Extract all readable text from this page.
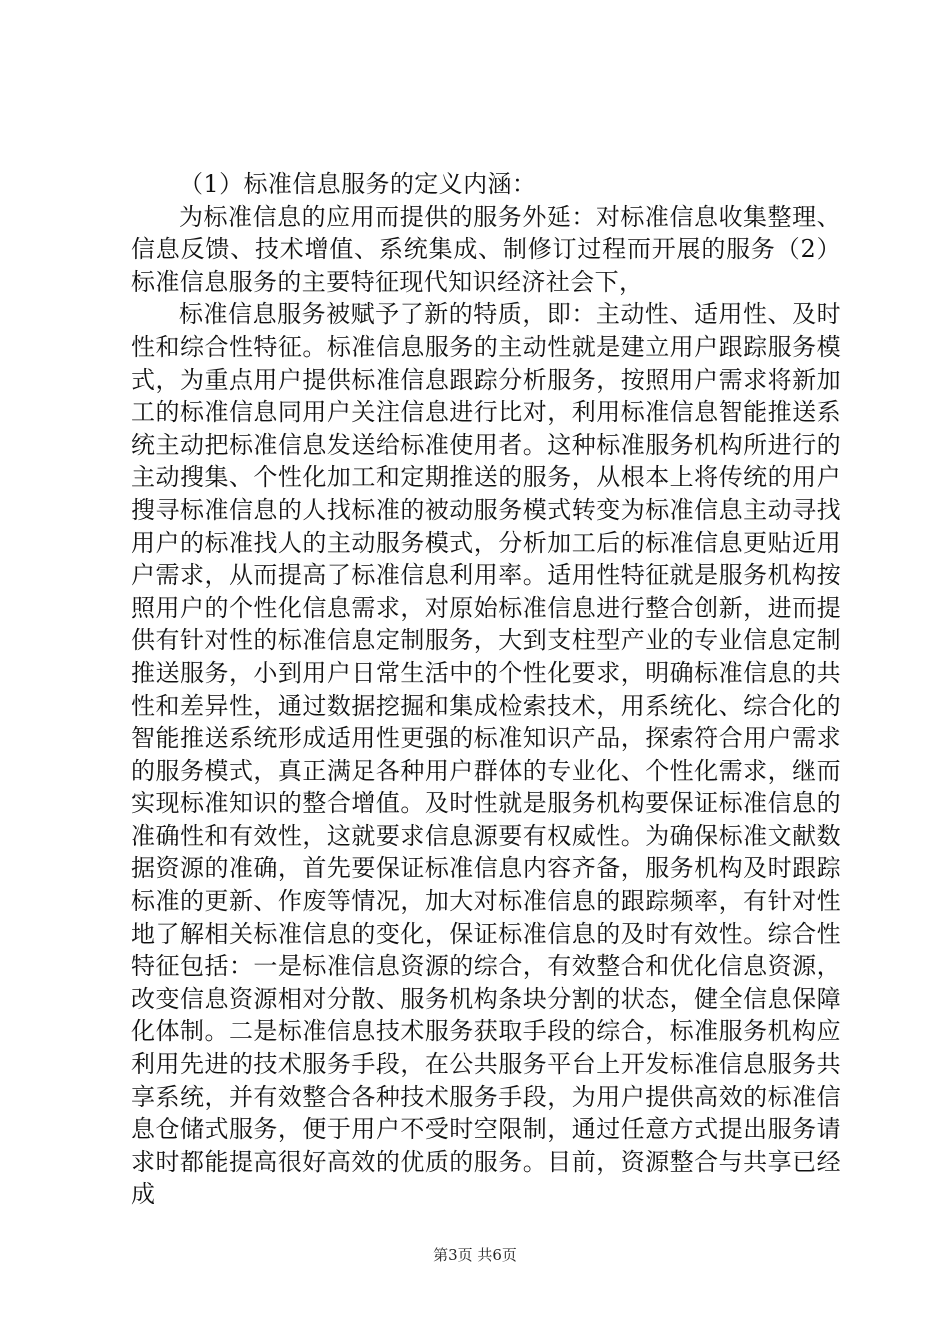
（1）标准信息服务的定义内涵：

为标准信息的应用而提供的服务外延：对标准信息收集整理、信息反馈、技术增值、系统集成、制修订过程而开展的服务（2）标准信息服务的主要特征现代知识经济社会下，

标准信息服务被赋予了新的特质，即：主动性、适用性、及时性和综合性特征。标准信息服务的主动性就是建立用户跟踪服务模式，为重点用户提供标准信息跟踪分析服务，按照用户需求将新加工的标准信息同用户关注信息进行比对，利用标准信息智能推送系统主动把标准信息发送给标准使用者。这种标准服务机构所进行的主动搜集、个性化加工和定期推送的服务，从根本上将传统的用户搜寻标准信息的人找标准的被动服务模式转变为标准信息主动寻找用户的标准找人的主动服务模式，分析加工后的标准信息更贴近用户需求，从而提高了标准信息利用率。适用性特征就是服务机构按照用户的个性化信息需求，对原始标准信息进行整合创新，进而提供有针对性的标准信息定制服务，大到支柱型产业的专业信息定制推送服务，小到用户日常生活中的个性化要求，明确标准信息的共性和差异性，通过数据挖掘和集成检索技术，用系统化、综合化的智能推送系统形成适用性更强的标准知识产品，探索符合用户需求的服务模式，真正满足各种用户群体的专业化、个性化需求，继而实现标准知识的整合增值。及时性就是服务机构要保证标准信息的准确性和有效性，这就要求信息源要有权威性。为确保标准文献数据资源的准确，首先要保证标准信息内容齐备，服务机构及时跟踪标准的更新、作废等情况，加大对标准信息的跟踪频率，有针对性地了解相关标准信息的变化，保证标准信息的及时有效性。综合性特征包括：一是标准信息资源的综合，有效整合和优化信息资源，改变信息资源相对分散、服务机构条块分割的状态，健全信息保障化体制。二是标准信息技术服务获取手段的综合，标准服务机构应利用先进的技术服务手段，在公共服务平台上开发标准信息服务共享系统，并有效整合各种技术服务手段，为用户提供高效的标准信息仓储式服务，便于用户不受时空限制，通过任意方式提出服务请求时都能提高很好高效的优质的服务。目前，资源整合与共享已经成

第3页 共6页
